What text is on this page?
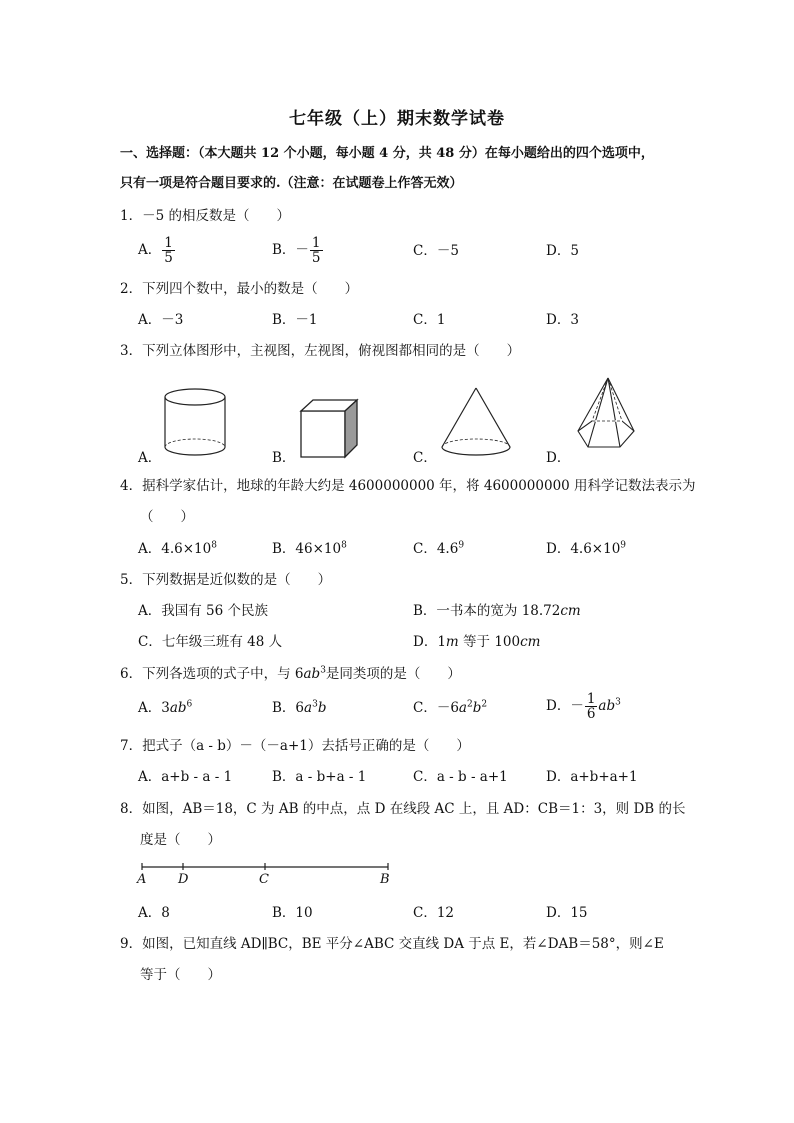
七年级（上）期末数学试卷
一、选择题：（本大题共 12 个小题，每小题 4 分，共 48 分）在每小题给出的四个选项中，
只有一项是符合题目要求的.（注意：在试题卷上作答无效）
1．－5 的相反数是（　　）
A． $\frac{1}{5}$	B．－ $\frac{1}{5}$	C．－5	D．5
2．下列四个数中，最小的数是（　　）
A．－3	B．－1	C．1	D．3
3．下列立体图形中，主视图，左视图，俯视图都相同的是（　　）
A．	B．	C．	D．
4．据科学家估计，地球的年龄大约是 4600000000 年，将 4600000000 用科学记数法表示为
（　　）
A．$4.6\times 10^8$	B．$46\times 10^8$	C．$4.6^9$	D．$4.6\times 10^9$
5．下列数据是近似数的是（　　）
A．我国有 56 个民族	B．一书本的宽为 18.72cm
C．七年级三班有 48 人	D．1m 等于 100cm
6．下列各选项的式子中，与 $6ab^3$是同类项的是（　　）
A．$3ab^6$	B．$6a^3b$	C．$-6a^2b^2$	D．－ $\frac{1}{6} ab^3$
7．把式子（a - b）－（－a+1）去括号正确的是（　　）
A．a+b - a - 1	B．a - b+a - 1	C．a - b - a+1	D．a+b+a+1
8．如图，AB＝18，C 为 AB 的中点，点 D 在线段 AC 上，且 AD：CB＝1：3，则 DB 的长
度是（　　）
A D	C	B
A．8	B．10	C．12	D．15
9．如图，已知直线 AD∥BC，BE 平分∠ABC 交直线 DA 于点 E，若∠DAB＝58°，则∠E
等于（　　）
